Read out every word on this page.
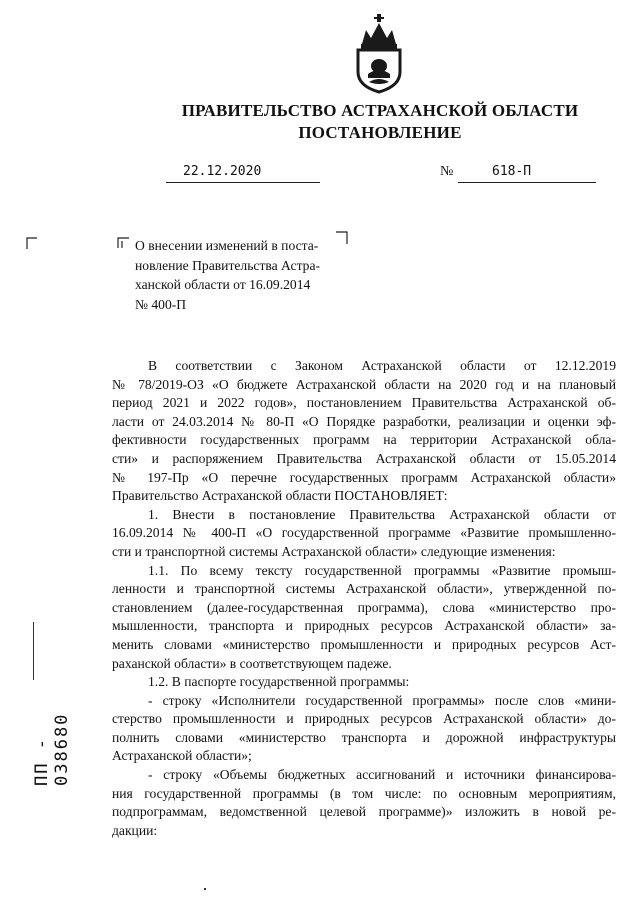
ПРАВИТЕЛЬСТВО АСТРАХАНСКОЙ ОБЛАСТИ
ПОСТАНОВЛЕНИЕ
22.12.2020	№	618-П
О внесении изменений в поста-
новление Правительства Астра-
ханской области от 16.09.2014
№ 400-П
В соответствии с Законом Астраханской области от 12.12.2019
№ 78/2019-ОЗ «О бюджете Астраханской области на 2020 год и на плановый
период 2021 и 2022 годов», постановлением Правительства Астраханской об-
ласти от 24.03.2014 № 80-П «О Порядке разработки, реализации и оценки эф-
фективности государственных программ на территории Астраханской обла-
сти» и распоряжением Правительства Астраханской области от 15.05.2014
№ 197-Пр «О перечне государственных программ Астраханской области»
Правительство Астраханской области ПОСТАНОВЛЯЕТ:
1. Внести в постановление Правительства Астраханской области от
16.09.2014 № 400-П «О государственной программе «Развитие промышленно-
сти и транспортной системы Астраханской области» следующие изменения:
1.1. По всему тексту государственной программы «Развитие промыш-
ленности и транспортной системы Астраханской области», утвержденной по-
становлением (далее-государственная программа), слова «министерство про-
мышленности, транспорта и природных ресурсов Астраханской области» за-
менить словами «министерство промышленности и природных ресурсов Аст-
раханской области» в соответствующем падеже.
1.2. В паспорте государственной программы:
- строку «Исполнители государственной программы» после слов «мини-
стерство промышленности и природных ресурсов Астраханской области» до-
полнить словами «министерство транспорта и дорожной инфраструктуры
Астраханской области»;
- строку «Объемы бюджетных ассигнований и источники финансирова-
ния государственной программы (в том числе: по основным мероприятиям,
подпрограммам, ведомственной целевой программе)» изложить в новой ре-
дакции:
ПП - 038680
